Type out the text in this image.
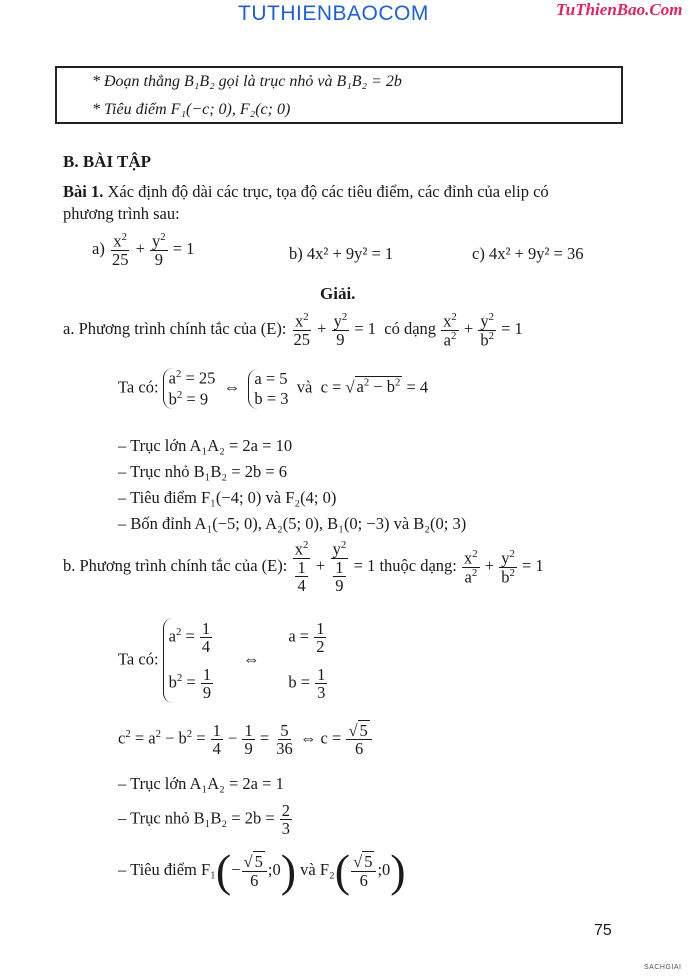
TUTHIENBAOCOM	TuThienBao.Com
* Đoạn thẳng B₁B₂ gọi là trục nhỏ và B₁B₂ = 2b
* Tiêu điểm F₁(−c; 0), F₂(c; 0)
B. BÀI TẬP
Bài 1. Xác định độ dài các trục, tọa độ các tiêu điểm, các đỉnh của elip có
phương trình sau:
$a) \frac{x^2}{25} + \frac{y^2}{9} = 1$	b) 4x² + 9y² = 1	c) 4x² + 9y² = 36
Giải.
a. Phương trình chính tắc của (E): $\frac{x^2}{25} + \frac{y^2}{9} = 1$  có dạng $\frac{x^2}{a^2} + \frac{y^2}{b^2} = 1$
Ta có: $a^2 = 25$
$b^2 = 9$
⇔ a = 5
b = 3
và  c = √ $a^2 - b^2 = 4$
– Trục lớn A₁A₂ = 2a = 10
– Trục nhỏ B₁B₂ = 2b = 6
– Tiêu điểm F₁(−4; 0) và F₂(4; 0)
– Bốn đỉnh A₁(−5; 0), A₂(5; 0), B₁(0; −3) và B₂(0; 3)
b. Phương trình chính tắc của (E): $\frac{x^2}{\frac{1}{4}} + \frac{y^2}{\frac{1}{9}} = 1$ thuộc dạng: $\frac{x^2}{a^2} + \frac{y^2}{b^2} = 1$
Ta có:
$a^2 = \frac{1}{4}$
$b^2 = \frac{1}{9}$
⇔
$a = \frac{1}{2}$
$b = \frac{1}{3}$
$c^2 = a^2 - b^2 = \frac{1}{4} - \frac{1}{9} = \frac{5}{36}$ ⇔ $c = \frac{√ 5}{6}$
– Trục lớn A₁A₂ = 2a = 1
– Trục nhỏ $B_1B_2 = 2b = \frac{2}{3}$
– Tiêu điểm $F_1(- \frac{√ 5}{6}$ ;0) và $F_2( \frac{√ 5}{6}$ ;0)
75
SACHGIAI
